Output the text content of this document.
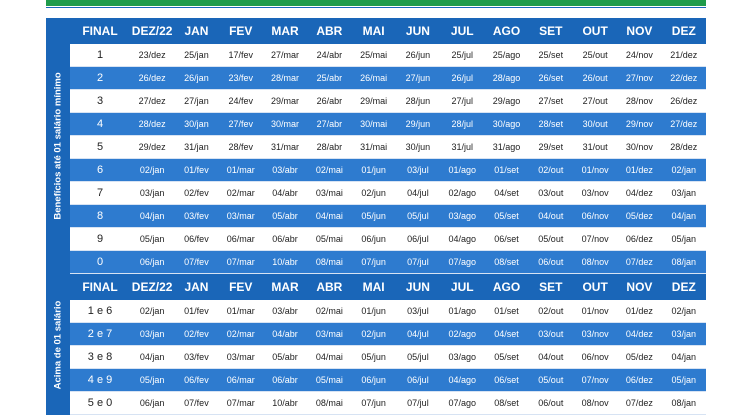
Benefícios até 01 salário mínimo
FINAL	DEZ/22	JAN	FEV	MAR	ABR	MAI	JUN	JUL	AGO	SET	OUT	NOV	DEZ
1	23/dez	25/jan	17/fev	27/mar	24/abr	25/mai	26/jun	25/jul	25/ago	25/set	25/out	24/nov	21/dez
2	26/dez	26/jan	23/fev	28/mar	25/abr	26/mai	27/jun	26/jul	28/ago	26/set	26/out	27/nov	22/dez
3	27/dez	27/jan	24/fev	29/mar	26/abr	29/mai	28/jun	27/jul	29/ago	27/set	27/out	28/nov	26/dez
4	28/dez	30/jan	27/fev	30/mar	27/abr	30/mai	29/jun	28/jul	30/ago	28/set	30/out	29/nov	27/dez
5	29/dez	31/jan	28/fev	31/mar	28/abr	31/mai	30/jun	31/jul	31/ago	29/set	31/out	30/nov	28/dez
6	02/jan	01/fev	01/mar	03/abr	02/mai	01/jun	03/jul	01/ago	01/set	02/out	01/nov	01/dez	02/jan
7	03/jan	02/fev	02/mar	04/abr	03/mai	02/jun	04/jul	02/ago	04/set	03/out	03/nov	04/dez	03/jan
8	04/jan	03/fev	03/mar	05/abr	04/mai	05/jun	05/jul	03/ago	05/set	04/out	06/nov	05/dez	04/jan
9	05/jan	06/fev	06/mar	06/abr	05/mai	06/jun	06/jul	04/ago	06/set	05/out	07/nov	06/dez	05/jan
0	06/jan	07/fev	07/mar	10/abr	08/mai	07/jun	07/jul	07/ago	08/set	06/out	08/nov	07/dez	08/jan
Acima de 01 salário
FINAL	DEZ/22	JAN	FEV	MAR	ABR	MAI	JUN	JUL	AGO	SET	OUT	NOV	DEZ
1 e 6	02/jan	01/fev	01/mar	03/abr	02/mai	01/jun	03/jul	01/ago	01/set	02/out	01/nov	01/dez	02/jan
2 e 7	03/jan	02/fev	02/mar	04/abr	03/mai	02/jun	04/jul	02/ago	04/set	03/out	03/nov	04/dez	03/jan
3 e 8	04/jan	03/fev	03/mar	05/abr	04/mai	05/jun	05/jul	03/ago	05/set	04/out	06/nov	05/dez	04/jan
4 e 9	05/jan	06/fev	06/mar	06/abr	05/mai	06/jun	06/jul	04/ago	06/set	05/out	07/nov	06/dez	05/jan
5 e 0	06/jan	07/fev	07/mar	10/abr	08/mai	07/jun	07/jul	07/ago	08/set	06/out	08/nov	07/dez	08/jan
